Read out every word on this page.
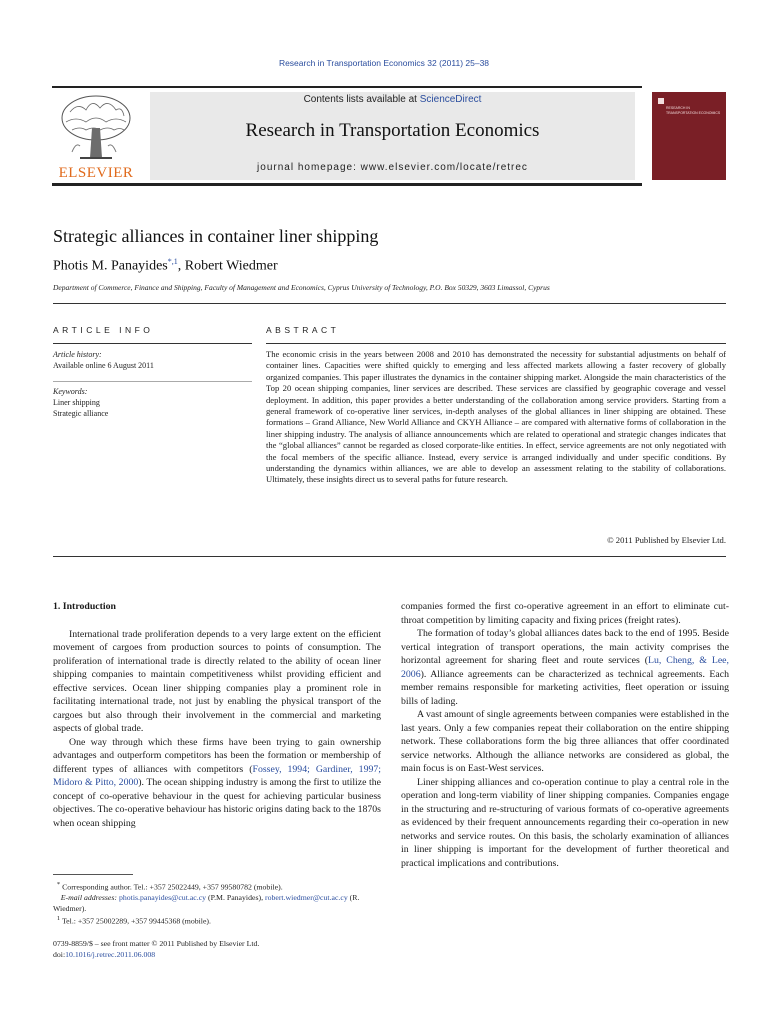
Research in Transportation Economics 32 (2011) 25–38
ELSEVIER
Contents lists available at ScienceDirect
Research in Transportation Economics
journal homepage: www.elsevier.com/locate/retrec
RESEARCH IN TRANSPORTATION ECONOMICS
Strategic alliances in container liner shipping
Photis M. Panayides$^{*,1}$, Robert Wiedmer
Department of Commerce, Finance and Shipping, Faculty of Management and Economics, Cyprus University of Technology, P.O. Box 50329, 3603 Limassol, Cyprus
ARTICLE INFO
Article history:
Available online 6 August 2011
Keywords:
Liner shipping
Strategic alliance
ABSTRACT
The economic crisis in the years between 2008 and 2010 has demonstrated the necessity for substantial adjustments on behalf of container lines. Capacities were shifted quickly to emerging and less affected markets allowing a faster recovery of globally organized companies. This paper illustrates the dynamics in the container shipping market. Alongside the main characteristics of the Top 20 ocean shipping companies, liner services are described. These services are classified by geographic coverage and vessel deployment. In addition, this paper provides a better understanding of the collaboration among service providers. Starting from a general framework of co-operative liner services, in-depth analyses of the global alliances in liner shipping are obtained. These formations – Grand Alliance, New World Alliance and CKYH Alliance – are compared with alternative forms of collaboration in the liner shipping industry. The analysis of alliance announcements which are related to operational and strategic changes indicates that the “global alliances” cannot be regarded as closed corporate-like entities. In effect, service agreements are not only negotiated with the focal members of the specific alliance. Instead, every service is arranged individually and under specific conditions. By understanding the dynamics within alliances, we are able to develop an assessment relating to the stability of collaborations. Ultimately, these insights direct us to several paths for future research.
© 2011 Published by Elsevier Ltd.
1. Introduction

International trade proliferation depends to a very large extent on the efficient movement of cargoes from production sources to points of consumption. The proliferation of international trade is directly related to the ability of ocean liner shipping companies to maintain competitiveness whilst providing efficient and effective services. Ocean liner shipping companies play a prominent role in facilitating international trade, not just by enabling the physical transport of the cargoes but also through their involvement in the commercial and marketing aspects of global trade.

One way through which these firms have been trying to gain ownership advantages and outperform competitors has been the formation or membership of different types of alliances with competitors (Fossey, 1994; Gardiner, 1997; Midoro & Pitto, 2000). The ocean shipping industry is among the first to utilize the concept of co-operative behaviour in the quest for achieving particular business objectives. The co-operative behaviour has historic origins dating back to the 1870s when ocean shipping

companies formed the first co-operative agreement in an effort to eliminate cut-throat competition by limiting capacity and fixing prices (freight rates).

The formation of today’s global alliances dates back to the end of 1995. Beside vertical integration of transport operations, the main activity comprises the horizontal agreement for sharing fleet and route services (Lu, Cheng, & Lee, 2006). Alliance agreements can be characterized as technical agreements. Each member remains responsible for marketing activities, fleet operation or issuing bills of lading.

A vast amount of single agreements between companies were established in the last years. Only a few companies repeat their collaboration on the entire shipping network. These collaborations form the big three alliances that offer coordinated service networks. Although the alliance networks are considered as global, the main focus is on East-West services.

Liner shipping alliances and co-operation continue to play a central role in the operation and long-term viability of liner shipping companies. Companies engage in the structuring and re-structuring of various formats of co-operative agreements as evidenced by their frequent announcements regarding their co-operation in new networks and service routes. On this basis, the scholarly examination of alliances in liner shipping is important for the development of further theoretical and practical implications and contributions.

* Corresponding author. Tel.: +357 25022449, +357 99580782 (mobile).
E-mail addresses: photis.panayides@cut.ac.cy (P.M. Panayides), robert.wiedmer@cut.ac.cy (R. Wiedmer).
$^1$ Tel.: +357 25002289, +357 99445368 (mobile).
0739-8859/$ – see front matter © 2011 Published by Elsevier Ltd.
doi:10.1016/j.retrec.2011.06.008
